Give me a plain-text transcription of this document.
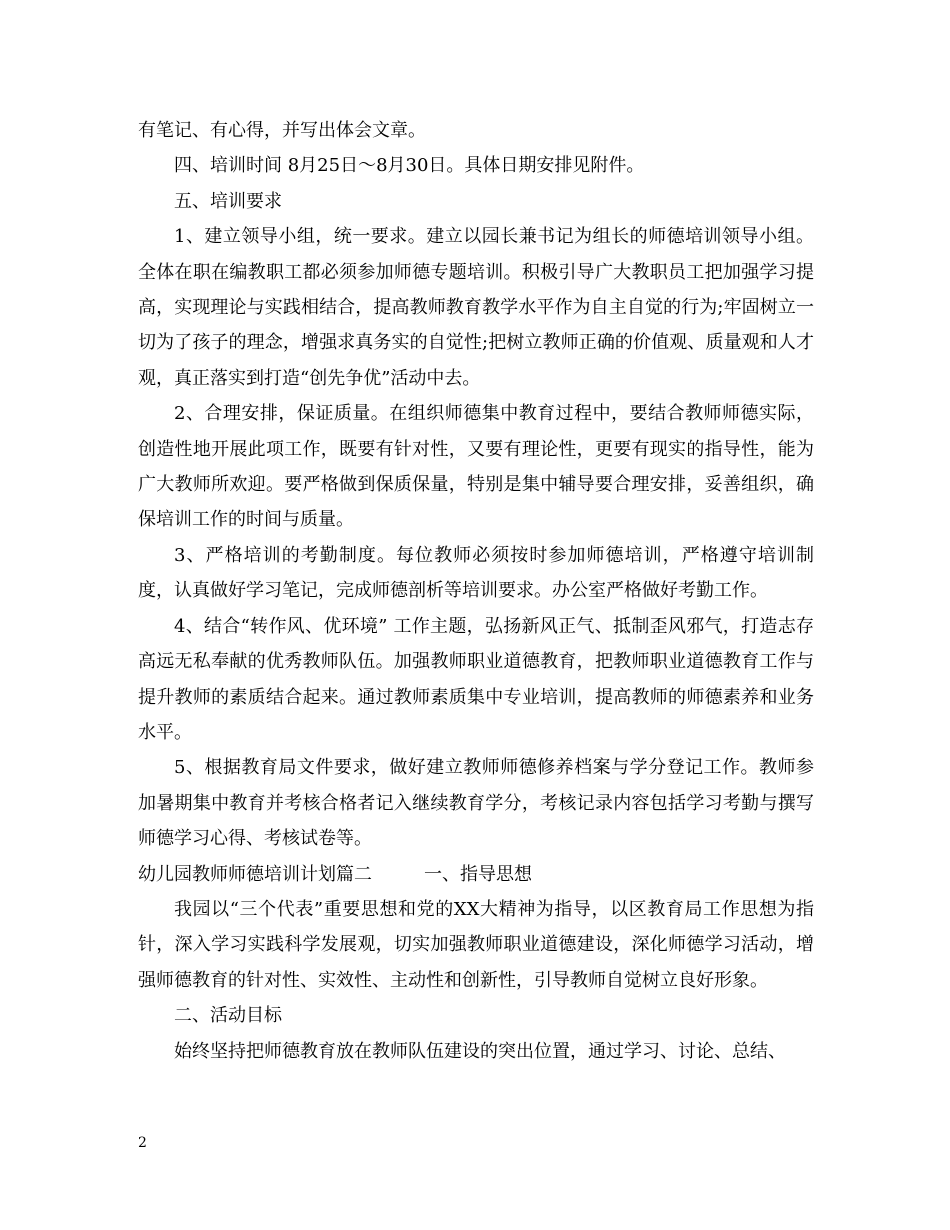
有笔记、有心得，并写出体会文章。

四、培训时间 8月25日～8月30日。具体日期安排见附件。

五、培训要求

1、建立领导小组，统一要求。建立以园长兼书记为组长的师德培训领导小组。全体在职在编教职工都必须参加师德专题培训。积极引导广大教职员工把加强学习提高，实现理论与实践相结合，提高教师教育教学水平作为自主自觉的行为;牢固树立一切为了孩子的理念，增强求真务实的自觉性;把树立教师正确的价值观、质量观和人才观，真正落实到打造“创先争优”活动中去。

2、合理安排，保证质量。在组织师德集中教育过程中，要结合教师师德实际，创造性地开展此项工作，既要有针对性，又要有理论性，更要有现实的指导性，能为广大教师所欢迎。要严格做到保质保量，特别是集中辅导要合理安排，妥善组织，确保培训工作的时间与质量。

3、严格培训的考勤制度。每位教师必须按时参加师德培训，严格遵守培训制度，认真做好学习笔记，完成师德剖析等培训要求。办公室严格做好考勤工作。

4、结合“转作风、优环境” 工作主题，弘扬新风正气、抵制歪风邪气，打造志存高远无私奉献的优秀教师队伍。加强教师职业道德教育，把教师职业道德教育工作与提升教师的素质结合起来。通过教师素质集中专业培训，提高教师的师德素养和业务水平。

5、根据教育局文件要求，做好建立教师师德修养档案与学分登记工作。教师参加暑期集中教育并考核合格者记入继续教育学分，考核记录内容包括学习考勤与撰写师德学习心得、考核试卷等。

幼儿园教师师德培训计划篇二	一、指导思想

我园以“三个代表”重要思想和党的XX大精神为指导，以区教育局工作思想为指针，深入学习实践科学发展观，切实加强教师职业道德建设，深化师德学习活动，增强师德教育的针对性、实效性、主动性和创新性，引导教师自觉树立良好形象。

二、活动目标

始终坚持把师德教育放在教师队伍建设的突出位置，通过学习、讨论、总结、

2
